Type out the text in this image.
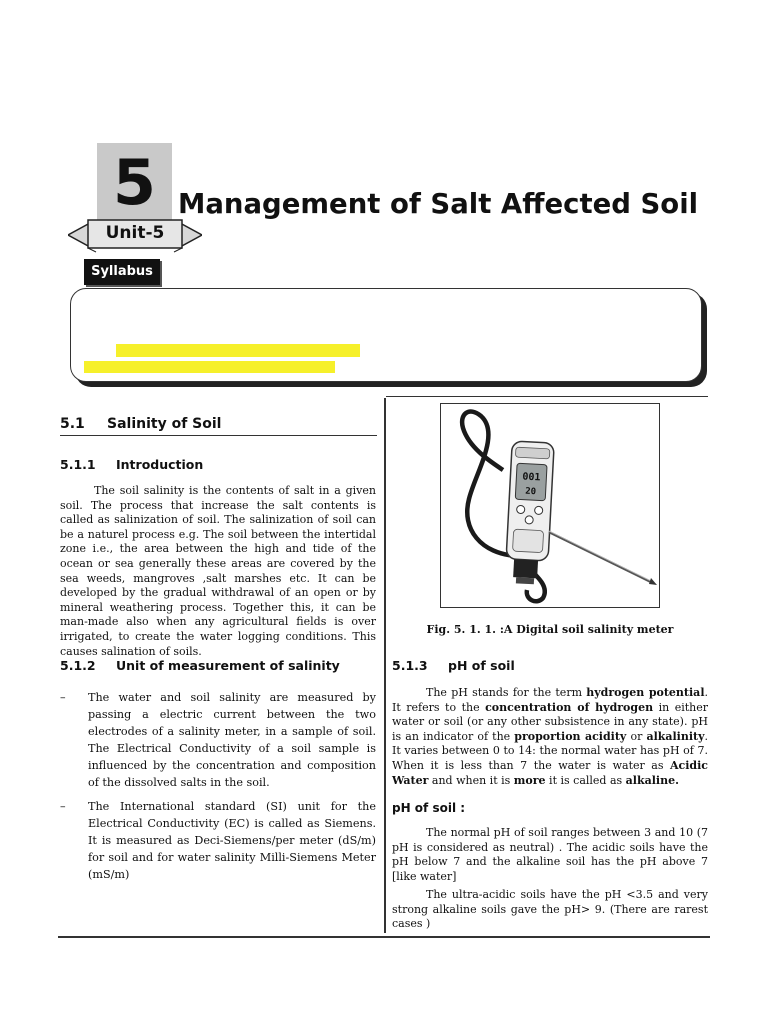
5
Unit-5
Management of Salt Affected Soil
Syllabus
5.1 Salinity of Soil
5.1.1 Introduction
The soil salinity is the contents of salt in a given soil. The process that increase the salt contents is called as salinization of soil. The salinization of soil can be a naturel process e.g. The soil between the intertidal zone i.e., the area between the high and tide of the ocean or sea generally these areas are covered by the sea weeds, mangroves ,salt marshes etc. It can be developed by the gradual withdrawal of an open or by mineral weathering process. Together this, it can be man-made also when any agricultural fields is over irrigated, to create the water logging conditions. This causes salination of soils.
5.1.2 Unit of measurement of salinity
– The water and soil salinity are measured by passing a electric current between the two electrodes of a salinity meter, in a sample of soil. The Electrical Conductivity of a soil sample is influenced by the concentration and composition of the dissolved salts in the soil.
– The International standard (SI) unit for the Electrical Conductivity (EC) is called as Siemens. It is measured as Deci-Siemens/per meter (dS/m) for soil and for water salinity Milli-Siemens Meter (mS/m)
001
20
Fig. 5. 1. 1. :A Digital soil salinity meter
5.1.3 pH of soil
The pH stands for the term hydrogen potential. It refers to the concentration of hydrogen in either water or soil (or any other subsistence in any state). pH is an indicator of the proportion acidity or alkalinity. It varies between 0 to 14: the normal water has pH of 7. When it is less than 7 the water is water as Acidic Water and when it is more it is called as alkaline.
pH of soil :
The normal pH of soil ranges between 3 and 10 (7 pH is considered as neutral) . The acidic soils have the pH below 7 and the alkaline soil has the pH above 7 [like water]
The ultra-acidic soils have the pH <3.5 and very strong alkaline soils gave the pH> 9. (There are rarest cases )
